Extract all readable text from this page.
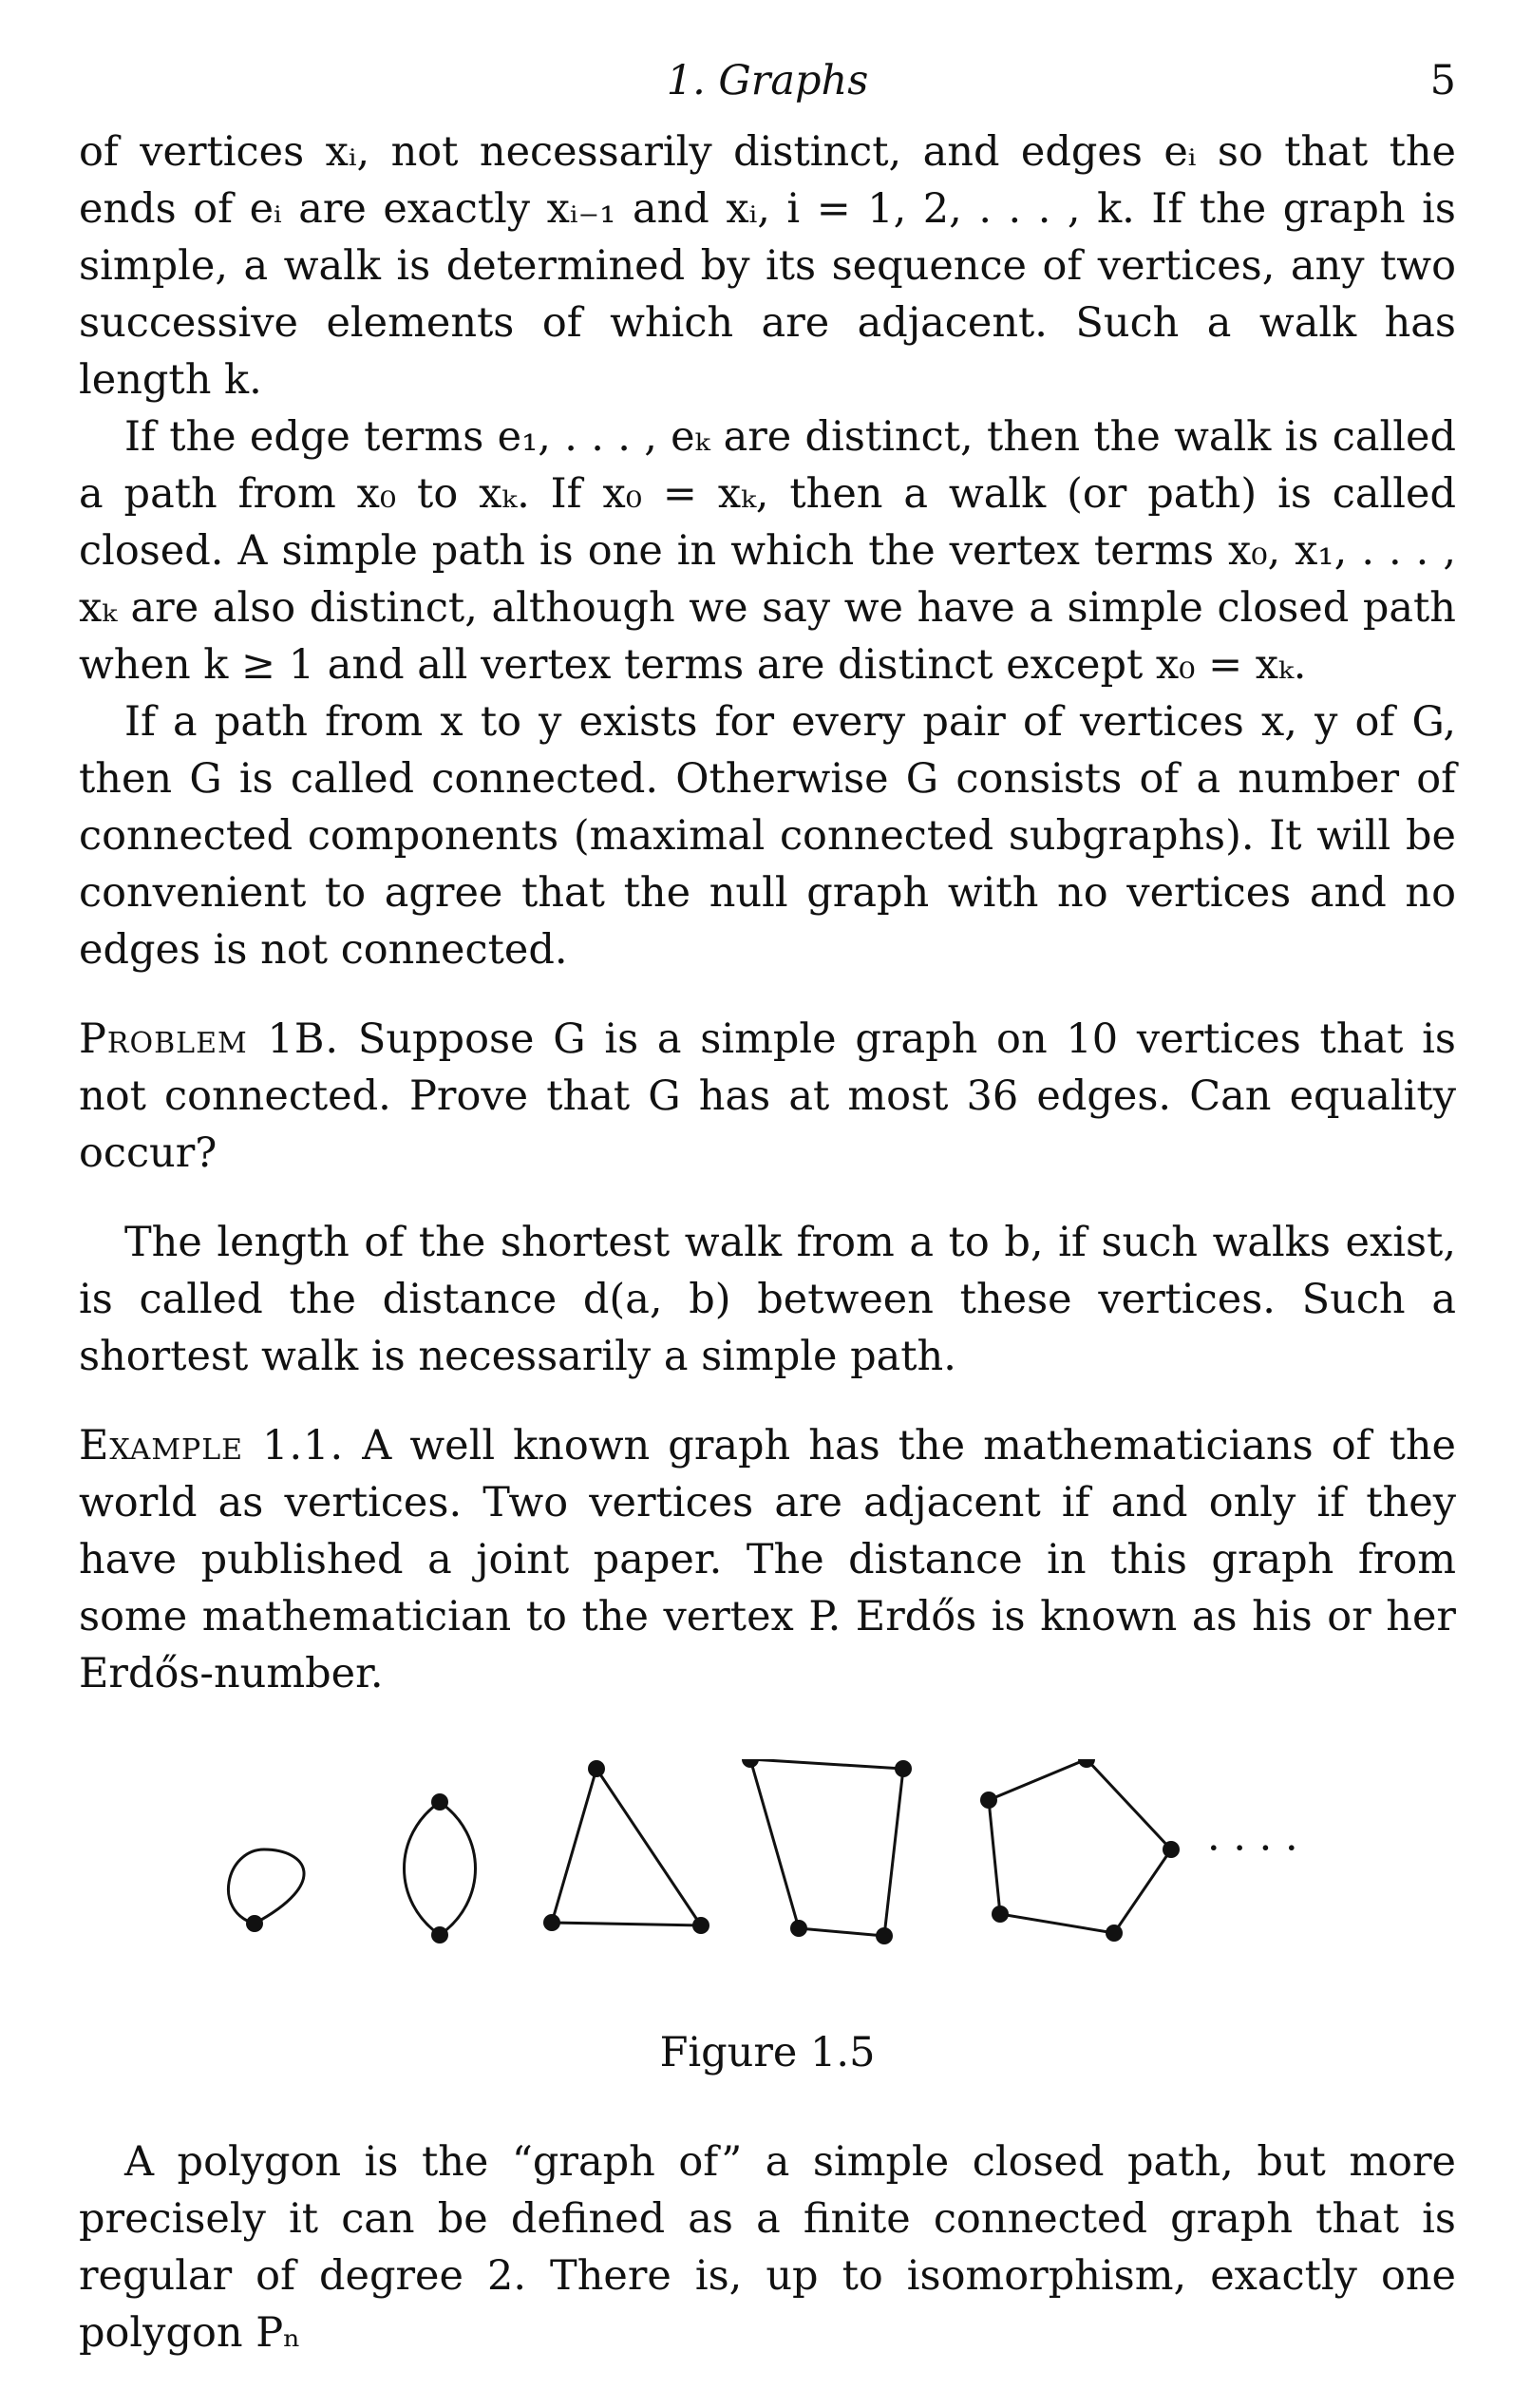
1. Graphs	5

of vertices xᵢ, not necessarily distinct, and edges eᵢ so that the ends of eᵢ are exactly xᵢ₋₁ and xᵢ, i = 1, 2, . . . , k. If the graph is simple, a walk is determined by its sequence of vertices, any two successive elements of which are adjacent. Such a walk has length k.

If the edge terms e₁, . . . , eₖ are distinct, then the walk is called a path from x₀ to xₖ. If x₀ = xₖ, then a walk (or path) is called closed. A simple path is one in which the vertex terms x₀, x₁, . . . , xₖ are also distinct, although we say we have a simple closed path when k ≥ 1 and all vertex terms are distinct except x₀ = xₖ.

If a path from x to y exists for every pair of vertices x, y of G, then G is called connected. Otherwise G consists of a number of connected components (maximal connected subgraphs). It will be convenient to agree that the null graph with no vertices and no edges is not connected.

Problem 1B. Suppose G is a simple graph on 10 vertices that is not connected. Prove that G has at most 36 edges. Can equality occur?

The length of the shortest walk from a to b, if such walks exist, is called the distance d(a, b) between these vertices. Such a shortest walk is necessarily a simple path.

Example 1.1. A well known graph has the mathematicians of the world as vertices. Two vertices are adjacent if and only if they have published a joint paper. The distance in this graph from some mathematician to the vertex P. Erdős is known as his or her Erdős-number.

· · · ·
Figure 1.5

A polygon is the “graph of” a simple closed path, but more precisely it can be defined as a finite connected graph that is regular of degree 2. There is, up to isomorphism, exactly one polygon Pₙ
